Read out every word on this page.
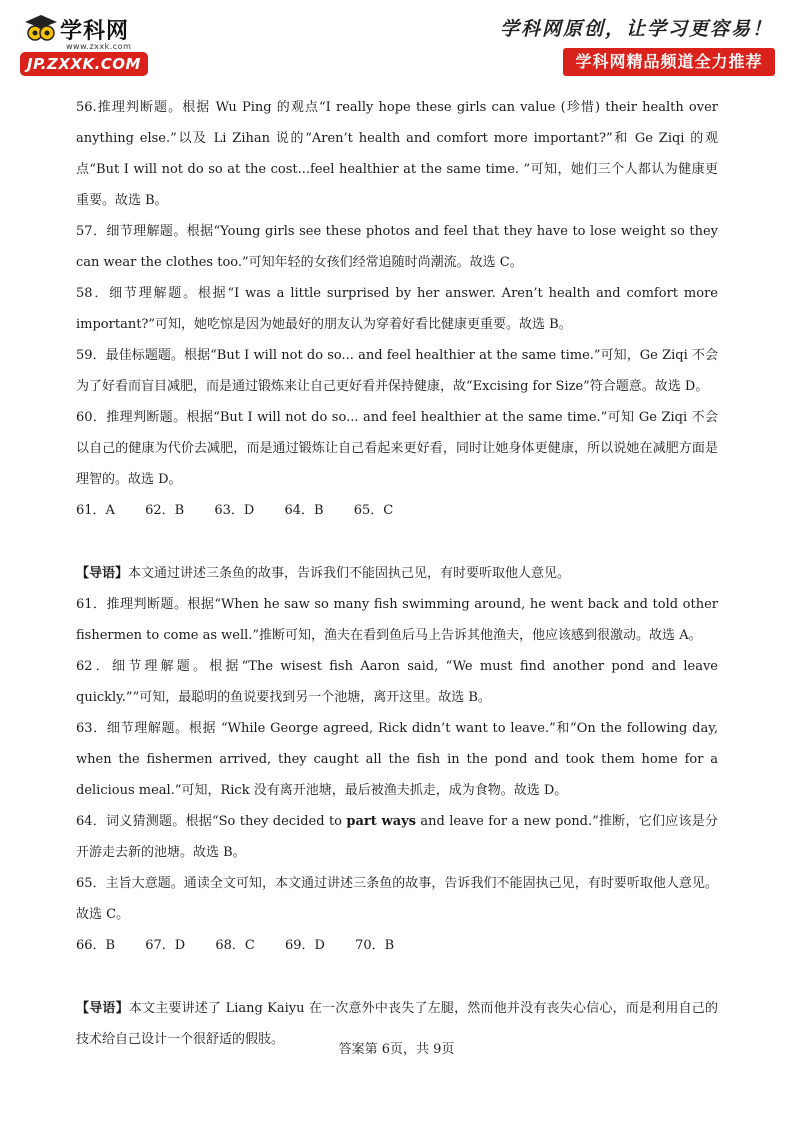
学科网
www.zxxk.com
JP.ZXXK.COM
学科网原创，让学习更容易！
学科网精品频道全力推荐

56.推理判断题。根据 Wu Ping 的观点“I really hope these girls can value (珍惜) their health over anything else.”以及 Li Zihan 说的“Aren’t health and comfort more important?”和 Ge Ziqi 的观点“But I will not do so at the cost...feel healthier at the same time. ”可知，她们三个人都认为健康更重要。故选 B。

57．细节理解题。根据“Young girls see these photos and feel that they have to lose weight so they can wear the clothes too.”可知年轻的女孩们经常追随时尚潮流。故选 C。

58．细节理解题。根据“I was a little surprised by her answer. Aren’t health and comfort more important?”可知，她吃惊是因为她最好的朋友认为穿着好看比健康更重要。故选 B。

59．最佳标题题。根据“But I will not do so... and feel healthier at the same time.”可知，Ge Ziqi 不会为了好看而盲目减肥，而是通过锻炼来让自己更好看并保持健康，故“Excising for Size”符合题意。故选 D。

60．推理判断题。根据“But I will not do so... and feel healthier at the same time.”可知 Ge Ziqi 不会以自己的健康为代价去减肥，而是通过锻炼让自己看起来更好看，同时让她身体更健康，所以说她在减肥方面是理智的。故选 D。

61．A 62．B 63．D 64．B 65．C

【导语】本文通过讲述三条鱼的故事，告诉我们不能固执己见，有时要听取他人意见。

61．推理判断题。根据“When he saw so many fish swimming around, he went back and told other fishermen to come as well.”推断可知，渔夫在看到鱼后马上告诉其他渔夫，他应该感到很激动。故选 A。

62．细节理解题。根据“The wisest fish Aaron said, “We must find another pond and leave quickly.””可知，最聪明的鱼说要找到另一个池塘，离开这里。故选 B。

63．细节理解题。根据 “While George agreed, Rick didn’t want to leave.”和“On the following day, when the fishermen arrived, they caught all the fish in the pond and took them home for a delicious meal.”可知，Rick 没有离开池塘，最后被渔夫抓走，成为食物。故选 D。

64．词义猜测题。根据“So they decided to part ways and leave for a new pond.”推断，它们应该是分开游走去新的池塘。故选 B。

65．主旨大意题。通读全文可知，本文通过讲述三条鱼的故事，告诉我们不能固执己见，有时要听取他人意见。故选 C。

66．B 67．D 68．C 69．D 70．B

【导语】本文主要讲述了 Liang Kaiyu 在一次意外中丧失了左腿，然而他并没有丧失心信心，而是利用自己的技术给自己设计一个很舒适的假肢。

答案第 6页，共 9页
